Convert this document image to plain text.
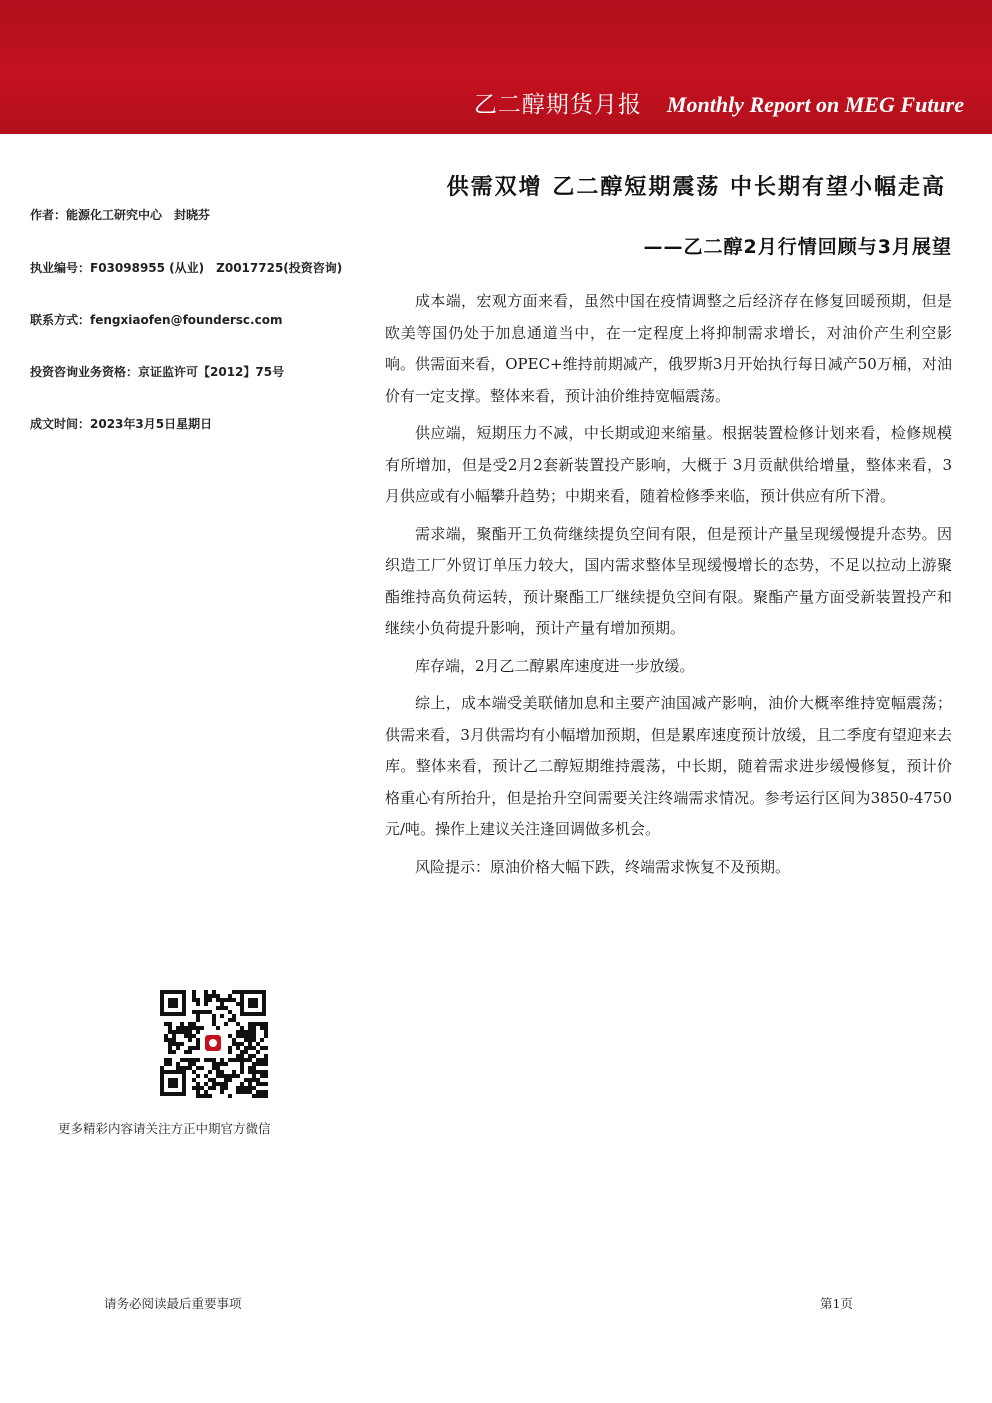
乙二醇期货月报 Monthly Report on MEG Future
作者：能源化工研究中心　封晓芬
执业编号：F03098955 (从业)　Z0017725(投资咨询)
联系方式：fengxiaofen@foundersc.com
投资咨询业务资格：京证监许可【2012】75号
成文时间：2023年3月5日星期日
更多精彩内容请关注方正中期官方微信
供需双增 乙二醇短期震荡 中长期有望小幅走高
——乙二醇2月行情回顾与3月展望

成本端，宏观方面来看，虽然中国在疫情调整之后经济存在修复回暖预期，但是欧美等国仍处于加息通道当中，在一定程度上将抑制需求增长，对油价产生利空影响。供需面来看，OPEC+维持前期减产，俄罗斯3月开始执行每日减产50万桶，对油价有一定支撑。整体来看，预计油价维持宽幅震荡。

供应端，短期压力不减，中长期或迎来缩量。根据装置检修计划来看，检修规模有所增加，但是受2月2套新装置投产影响，大概于 3月贡献供给增量，整体来看，3月供应或有小幅攀升趋势；中期来看，随着检修季来临，预计供应有所下滑。

需求端，聚酯开工负荷继续提负空间有限，但是预计产量呈现缓慢提升态势。因织造工厂外贸订单压力较大，国内需求整体呈现缓慢增长的态势，不足以拉动上游聚酯维持高负荷运转，预计聚酯工厂继续提负空间有限。聚酯产量方面受新装置投产和继续小负荷提升影响，预计产量有增加预期。

库存端，2月乙二醇累库速度进一步放缓。

综上，成本端受美联储加息和主要产油国减产影响，油价大概率维持宽幅震荡；供需来看，3月供需均有小幅增加预期，但是累库速度预计放缓，且二季度有望迎来去库。整体来看，预计乙二醇短期维持震荡，中长期，随着需求进步缓慢修复，预计价格重心有所抬升，但是抬升空间需要关注终端需求情况。参考运行区间为3850-4750元/吨。操作上建议关注逢回调做多机会。

风险提示：原油价格大幅下跌，终端需求恢复不及预期。

请务必阅读最后重要事项	第1页
